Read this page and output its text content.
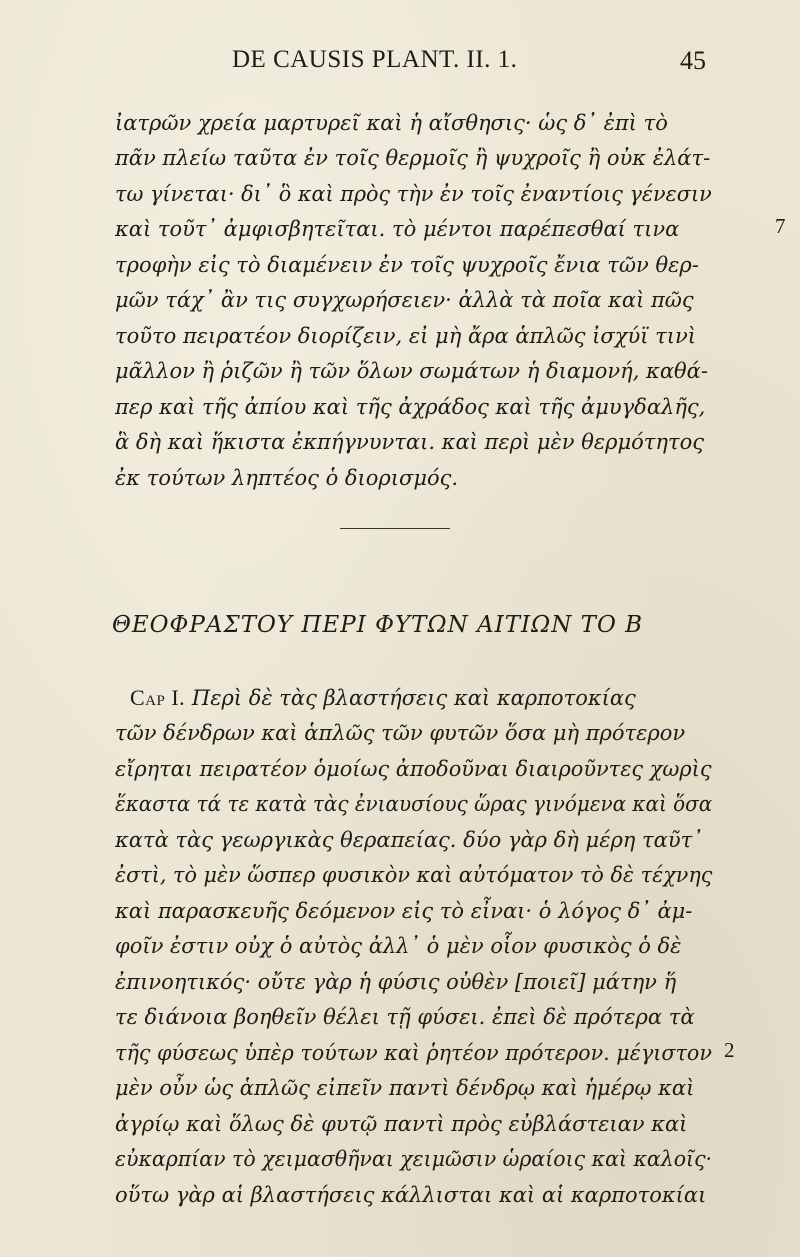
DE CAUSIS PLANT. II. 1.	45
ἰατρῶν χρεία μαρτυρεῖ καὶ ἡ αἴσθησις· ὡς δ᾽ ἐπὶ τὸ
πᾶν πλείω ταῦτα ἐν τοῖς θερμοῖς ἢ ψυχροῖς ἢ οὐκ ἐλάτ-
τω γίνεται· δι᾽ ὃ καὶ πρὸς τὴν ἐν τοῖς ἐναντίοις γένεσιν
καὶ τοῦτ᾽ ἀμφισβητεῖται. τὸ μέντοι παρέπεσθαί τινα
τροφὴν εἰς τὸ διαμένειν ἐν τοῖς ψυχροῖς ἔνια τῶν θερ-
μῶν τάχ᾽ ἂν τις συγχωρήσειεν· ἀλλὰ τὰ ποῖα καὶ πῶς
τοῦτο πειρατέον διορίζειν, εἰ μὴ ἄρα ἁπλῶς ἰσχύϊ τινὶ
μᾶλλον ἢ ῥιζῶν ἢ τῶν ὅλων σωμάτων ἡ διαμονή, καθά-
περ καὶ τῆς ἀπίου καὶ τῆς ἀχράδος καὶ τῆς ἀμυγδαλῆς,
ἃ δὴ καὶ ἥκιστα ἐκπήγνυνται. καὶ περὶ μὲν θερμότητος
ἐκ τούτων ληπτέος ὁ διορισμός.
7
ΘΕΟΦΡΑΣΤΟΥ ΠΕΡΙ ΦΥΤΩΝ ΑΙΤΙΩΝ ΤΟ Β
Cap I. Περὶ δὲ τὰς βλαστήσεις καὶ καρποτοκίας
τῶν δένδρων καὶ ἁπλῶς τῶν φυτῶν ὅσα μὴ πρότερον
εἴρηται πειρατέον ὁμοίως ἀποδοῦναι διαιροῦντες χωρὶς
ἕκαστα τά τε κατὰ τὰς ἐνιαυσίους ὥρας γινόμενα καὶ ὅσα
κατὰ τὰς γεωργικὰς θεραπείας. δύο γὰρ δὴ μέρη ταῦτ᾽
ἐστὶ, τὸ μὲν ὥσπερ φυσικὸν καὶ αὐτόματον τὸ δὲ τέχνης
καὶ παρασκευῆς δεόμενον εἰς τὸ εἶναι· ὁ λόγος δ᾽ ἀμ-
φοῖν ἐστιν οὐχ ὁ αὐτὸς ἀλλ᾽ ὁ μὲν οἷον φυσικὸς ὁ δὲ
ἐπινοητικός· οὔτε γὰρ ἡ φύσις οὐθὲν [ποιεῖ] μάτην ἥ
τε διάνοια βοηθεῖν θέλει τῇ φύσει. ἐπεὶ δὲ πρότερα τὰ
τῆς φύσεως ὑπὲρ τούτων καὶ ῥητέον πρότερον. μέγιστον
μὲν οὖν ὡς ἁπλῶς εἰπεῖν παντὶ δένδρῳ καὶ ἡμέρῳ καὶ
ἀγρίῳ καὶ ὅλως δὲ φυτῷ παντὶ πρὸς εὐβλάστειαν καὶ
εὐκαρπίαν τὸ χειμασθῆναι χειμῶσιν ὡραίοις καὶ καλοῖς·
οὕτω γὰρ αἱ βλαστήσεις κάλλισται καὶ αἱ καρποτοκίαι
2
